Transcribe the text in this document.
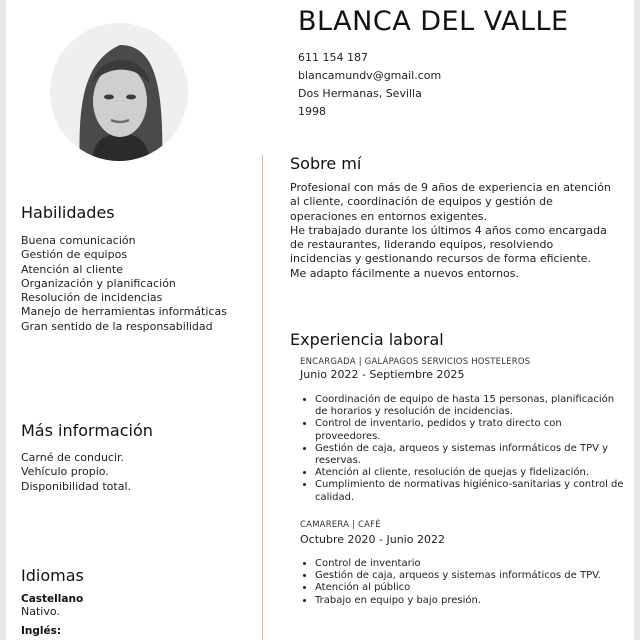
BLANCA DEL VALLE
611 154 187
blancamundv@gmail.com
Dos Hermanas, Sevilla
1998
Habilidades
Buena comunicación
Gestión de equipos
Atención al cliente
Organización y planificación
Resolución de incidencias
Manejo de herramientas informáticas
Gran sentido de la responsabilidad
Más información
Carné de conducir.
Vehículo propio.
Disponibilidad total.
Idiomas
Castellano
Nativo.
Inglés:
Sobre mí

Profesional con más de 9 años de experiencia en atención al cliente, coordinación de equipos y gestión de operaciones en entornos exigentes.

He trabajado durante los últimos 4 años como encargada de restaurantes, liderando equipos, resolviendo incidencias y gestionando recursos de forma eficiente.

Me adapto fácilmente a nuevos entornos.

Experiencia laboral
ENCARGADA | GALÁPAGOS SERVICIOS HOSTELEROS
Junio 2022 - Septiembre 2025
• Coordinación de equipo de hasta 15 personas, planificación de horarios y resolución de incidencias.
• Control de inventario, pedidos y trato directo con proveedores.
• Gestión de caja, arqueos y sistemas informáticos de TPV y reservas.
• Atención al cliente, resolución de quejas y fidelización.
• Cumplimiento de normativas higiénico-sanitarias y control de calidad.
CAMARERA | CAFÉ
Octubre 2020 - Junio 2022
• Control de inventario
• Gestión de caja, arqueos y sistemas informáticos de TPV.
• Atención al público
• Trabajo en equipo y bajo presión.
